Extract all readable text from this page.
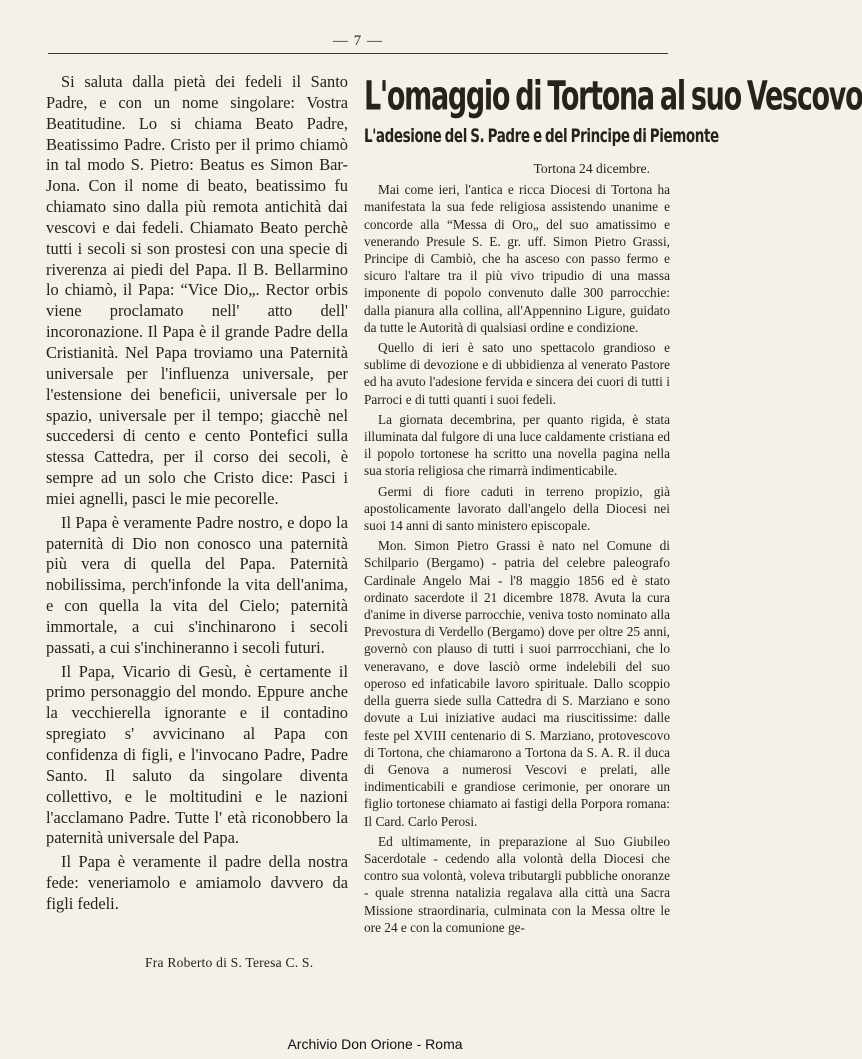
— 7 —

Si saluta dalla pietà dei fedeli il Santo Padre, e con un nome singolare: Vostra Beatitudine. Lo si chiama Beato Padre, Beatissimo Padre. Cristo per il primo chiamò in tal modo S. Pietro: Beatus es Simon Bar-Jona. Con il nome di beato, beatissimo fu chiamato sino dalla più remota antichità dai vescovi e dai fedeli. Chiamato Beato perchè tutti i secoli si son prostesi con una specie di riverenza ai piedi del Papa. Il B. Bellarmino lo chiamò, il Papa: “Vice Dio„. Rector orbis viene proclamato nell' atto dell' incoronazione. Il Papa è il grande Padre della Cristianità. Nel Papa troviamo una Paternità universale per l'influenza universale, per l'estensione dei beneficii, universale per lo spazio, universale per il tempo; giacchè nel succedersi di cento e cento Pontefici sulla stessa Cattedra, per il corso dei secoli, è sempre ad un solo che Cristo dice: Pasci i miei agnelli, pasci le mie pecorelle.

Il Papa è veramente Padre nostro, e dopo la paternità di Dio non conosco una paternità più vera di quella del Papa. Paternità nobilissima, perch'infonde la vita dell'anima, e con quella la vita del Cielo; paternità immortale, a cui s'inchinarono i secoli passati, a cui s'inchineranno i secoli futuri.

Il Papa, Vicario di Gesù, è certamente il primo personaggio del mondo. Eppure anche la vecchierella ignorante e il contadino spregiato s' avvicinano al Papa con confidenza di figli, e l'invocano Padre, Padre Santo. Il saluto da singolare diventa collettivo, e le moltitudini e le nazioni l'acclamano Padre. Tutte l' età riconobbero la paternità universale del Papa.

Il Papa è veramente il padre della nostra fede: veneriamolo e amiamolo davvero da figli fedeli.

Fra Roberto di S. Teresa C. S.
L'omaggio di Tortona al suo Vescovo
L'adesione del S. Padre e del Principe di Piemonte
Tortona 24 dicembre.

Mai come ieri, l'antica e ricca Diocesi di Tortona ha manifestata la sua fede religiosa assistendo unanime e concorde alla “Messa di Oro„ del suo amatissimo e venerando Presule S. E. gr. uff. Simon Pietro Grassi, Principe di Cambiò, che ha asceso con passo fermo e sicuro l'altare tra il più vivo tripudio di una massa imponente di popolo convenuto dalle 300 parrocchie: dalla pianura alla collina, all'Appennino Ligure, guidato da tutte le Autorità di qualsiasi ordine e condizione.

Quello di ieri è sato uno spettacolo grandioso e sublime di devozione e di ubbidienza al venerato Pastore ed ha avuto l'adesione fervida e sincera dei cuori di tutti i Parroci e di tutti quanti i suoi fedeli.

La giornata decembrina, per quanto rigida, è stata illuminata dal fulgore di una luce caldamente cristiana ed il popolo tortonese ha scritto una novella pagina nella sua storia religiosa che rimarrà indimenticabile.

Germi di fiore caduti in terreno propizio, già apostolicamente lavorato dall'angelo della Diocesi nei suoi 14 anni di santo ministero episcopale.

Mon. Simon Pietro Grassi è nato nel Comune di Schilpario (Bergamo) - patria del celebre paleografo Cardinale Angelo Mai - l'8 maggio 1856 ed è stato ordinato sacerdote il 21 dicembre 1878. Avuta la cura d'anime in diverse parrocchie, veniva tosto nominato alla Prevostura di Verdello (Bergamo) dove per oltre 25 anni, governò con plauso di tutti i suoi parrrocchiani, che lo veneravano, e dove lasciò orme indelebili del suo operoso ed infaticabile lavoro spirituale. Dallo scoppio della guerra siede sulla Cattedra di S. Marziano e sono dovute a Lui iniziative audaci ma riuscitissime: dalle feste pel XVIII centenario di S. Marziano, protovescovo di Tortona, che chiamarono a Tortona da S. A. R. il duca di Genova a numerosi Vescovi e prelati, alle indimenticabili e grandiose cerimonie, per onorare un figlio tortonese chiamato ai fastigi della Porpora romana: Il Card. Carlo Perosi.

Ed ultimamente, in preparazione al Suo Giubileo Sacerdotale - cedendo alla volontà della Diocesi che contro sua volontà, voleva tributargli pubbliche onoranze - quale strenna natalizia regalava alla città una Sacra Missione straordinaria, culminata con la Messa oltre le ore 24 e con la comunione ge-

Archivio Don Orione - Roma
